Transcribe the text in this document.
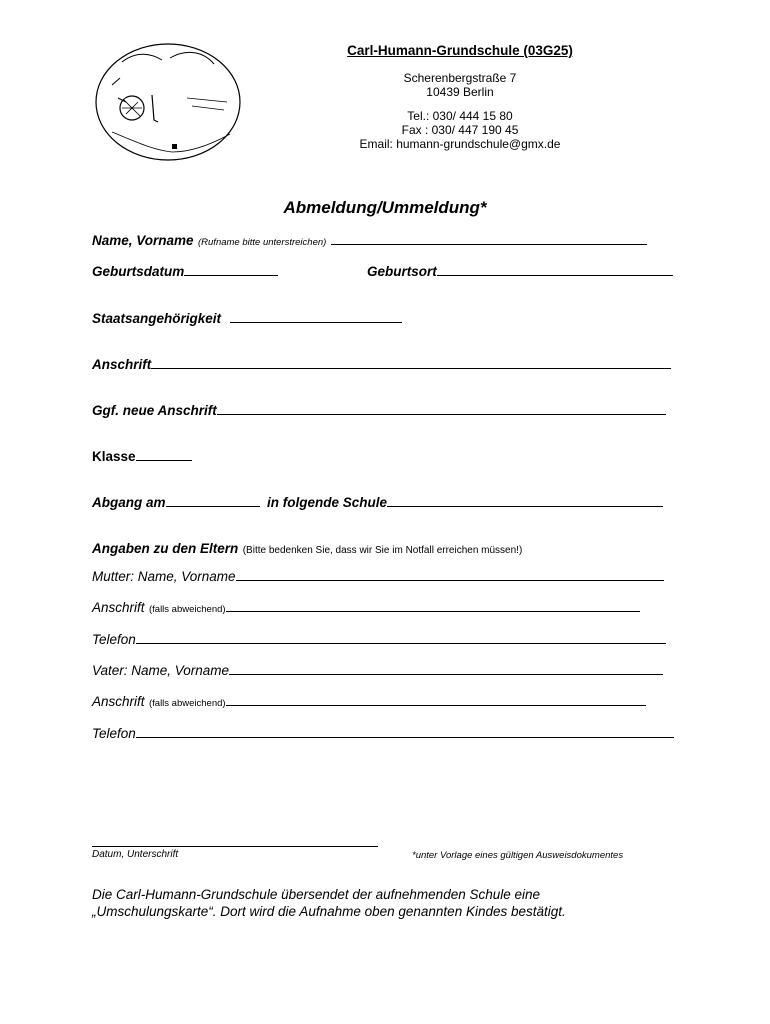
Carl-Humann-Grundschule (03G25)
Scherenbergstraße 7
10439 Berlin
Tel.: 030/ 444 15 80
Fax : 030/ 447 190 45
Email: humann-grundschule@gmx.de
Abmeldung/Ummeldung*
Name, Vorname (Rufname bitte unterstreichen)
Geburtsdatum	Geburtsort
Staatsangehörigkeit
Anschrift
Ggf. neue Anschrift
Klasse
Abgang am	in folgende Schule
Angaben zu den Eltern (Bitte bedenken Sie, dass wir Sie im Notfall erreichen müssen!)
Mutter: Name, Vorname
Anschrift (falls abweichend)
Telefon
Vater: Name, Vorname
Anschrift (falls abweichend)
Telefon
Datum, Unterschrift	*unter Vorlage eines gültigen Ausweisdokumentes
Die Carl-Humann-Grundschule übersendet der aufnehmenden Schule eine
„Umschulungskarte“. Dort wird die Aufnahme oben genannten Kindes bestätigt.
